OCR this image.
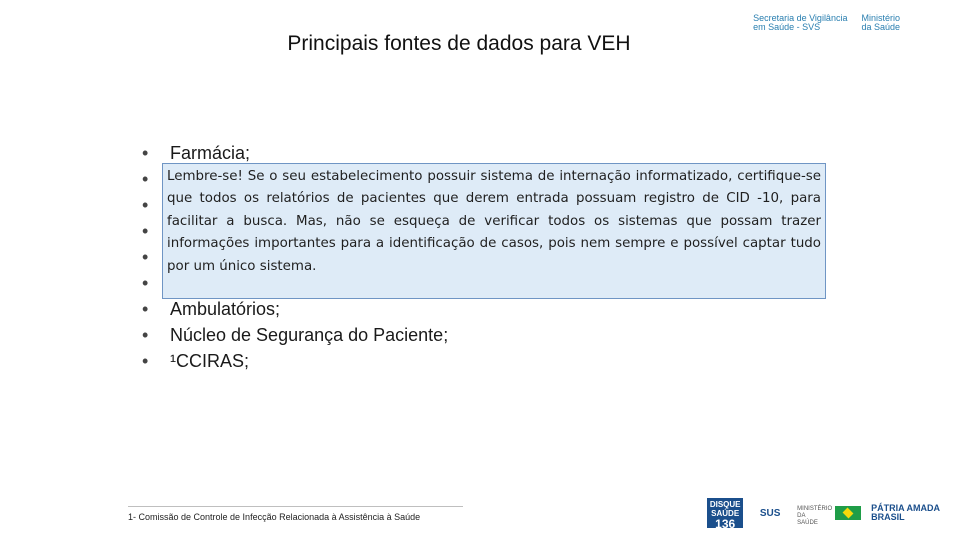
Secretaria de Vigilância
em Saúde - SVS
Ministério
da Saúde
Principais fontes de dados para VEH
• Farmácia;
•
•
•
•
•
• Ambulatórios;
• Núcleo de Segurança do Paciente;
• ¹CCIRAS;
Lembre-se! Se o seu estabelecimento possuir sistema de internação informatizado, certifique-se que todos os relatórios de pacientes que derem entrada possuam registro de CID -10, para facilitar a busca. Mas, não se esqueça de verificar todos os sistemas que possam trazer informações importantes para a identificação de casos, pois nem sempre e possível captar tudo por um único sistema.
1- Comissão de Controle de Infecção Relacionada à Assistência à Saúde
DISQUE SAÚDE
136
SUS	MINISTÉRIO DA SAÚDE
PÁTRIA AMADA
BRASIL
